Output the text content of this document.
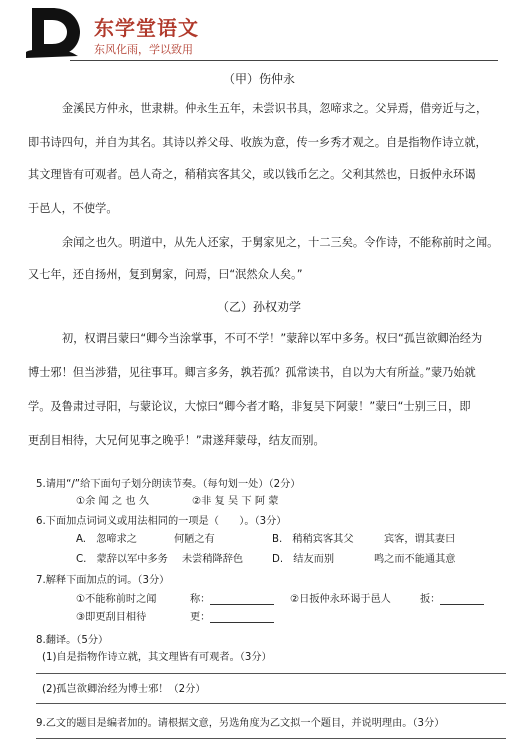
东学堂语文
东风化雨，学以致用
（甲）伤仲永
金溪民方仲永，世隶耕。仲永生五年，未尝识书具，忽啼求之。父异焉，借旁近与之，
即书诗四句，并自为其名。其诗以养父母、收族为意，传一乡秀才观之。自是指物作诗立就，
其文理皆有可观者。邑人奇之，稍稍宾客其父，或以钱币乞之。父利其然也，日扳仲永环谒
于邑人，不使学。
余闻之也久。明道中，从先人还家，于舅家见之，十二三矣。令作诗，不能称前时之闻。
又七年，还自扬州，复到舅家，问焉，曰“泯然众人矣。”
（乙）孙权劝学
初，权谓吕蒙曰“卿今当涂掌事，不可不学！”蒙辞以军中多务。权曰“孤岂欲卿治经为
博士邪！但当涉猎，见往事耳。卿言多务，孰若孤？孤常读书，自以为大有所益。”蒙乃始就
学。及鲁肃过寻阳，与蒙论议，大惊曰“卿今者才略，非复吴下阿蒙！”蒙曰“士别三日，即
更刮目相待，大兄何见事之晚乎！”肃遂拜蒙母，结友而别。
5.请用“/”给下面句子划分朗读节奏。（每句划一处）（2分）
①余 闻 之 也 久	②非 复 吴 下 阿 蒙
6.下面加点词词义或用法相同的一项是（　　）。（3分）
A.　忽啼求之	何陋之有	B.　稍稍宾客其父	宾客，谓其妻曰
C.　蒙辞以军中多务 未尝稍降辞色	D.　结友而别	鸣之而不能通其意
7.解释下面加点的词。（3分）
①不能称前时之闻	称：	②日扳仲永环谒于邑人	扳：
③即更刮目相待	更：
8.翻译。（5分）
(1)自是指物作诗立就，其文理皆有可观者。（3分）
(2)孤岂欲卿治经为博士邪！（2分）
9.乙文的题目是编者加的。请根据文意，另选角度为乙文拟一个题目，并说明理由。（3分）
